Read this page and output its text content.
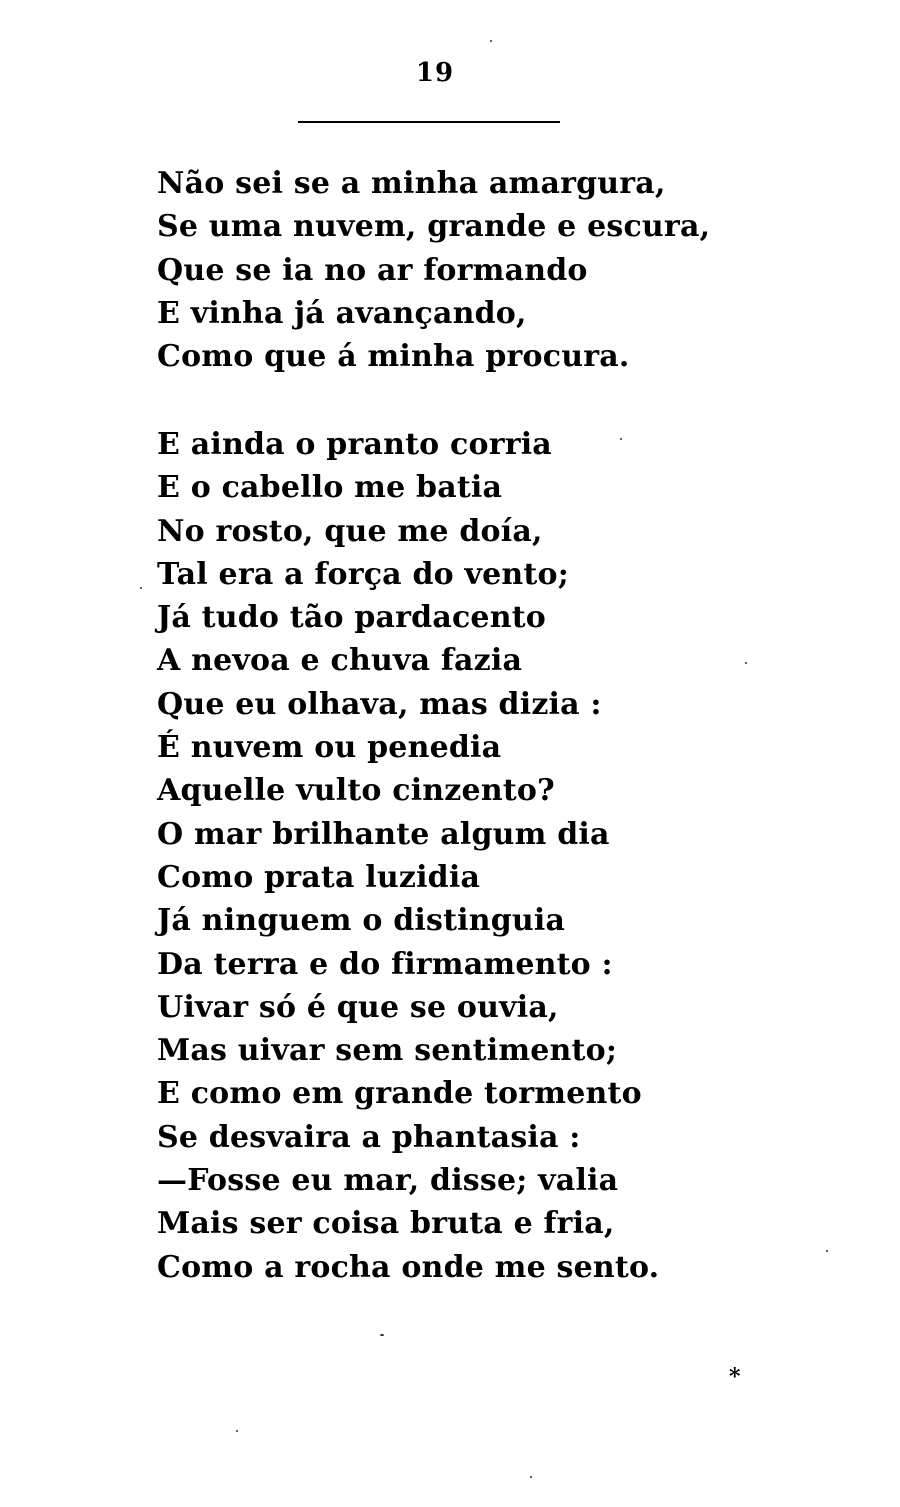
19
Não sei se a minha amargura,
Se uma nuvem, grande e escura,
Que se ia no ar formando
E vinha já avançando,
Como que á minha procura.
E ainda o pranto corria
E o cabello me batia
No rosto, que me doía,
Tal era a força do vento;
Já tudo tão pardacento
A nevoa e chuva fazia
Que eu olhava, mas dizia :
É nuvem ou penedia
Aquelle vulto cinzento?
O mar brilhante algum dia
Como prata luzidia
Já ninguem o distinguia
Da terra e do firmamento :
Uivar só é que se ouvia,
Mas uivar sem sentimento;
E como em grande tormento
Se desvaira a phantasia :
—Fosse eu mar, disse; valia
Mais ser coisa bruta e fria,
Como a rocha onde me sento.
*
